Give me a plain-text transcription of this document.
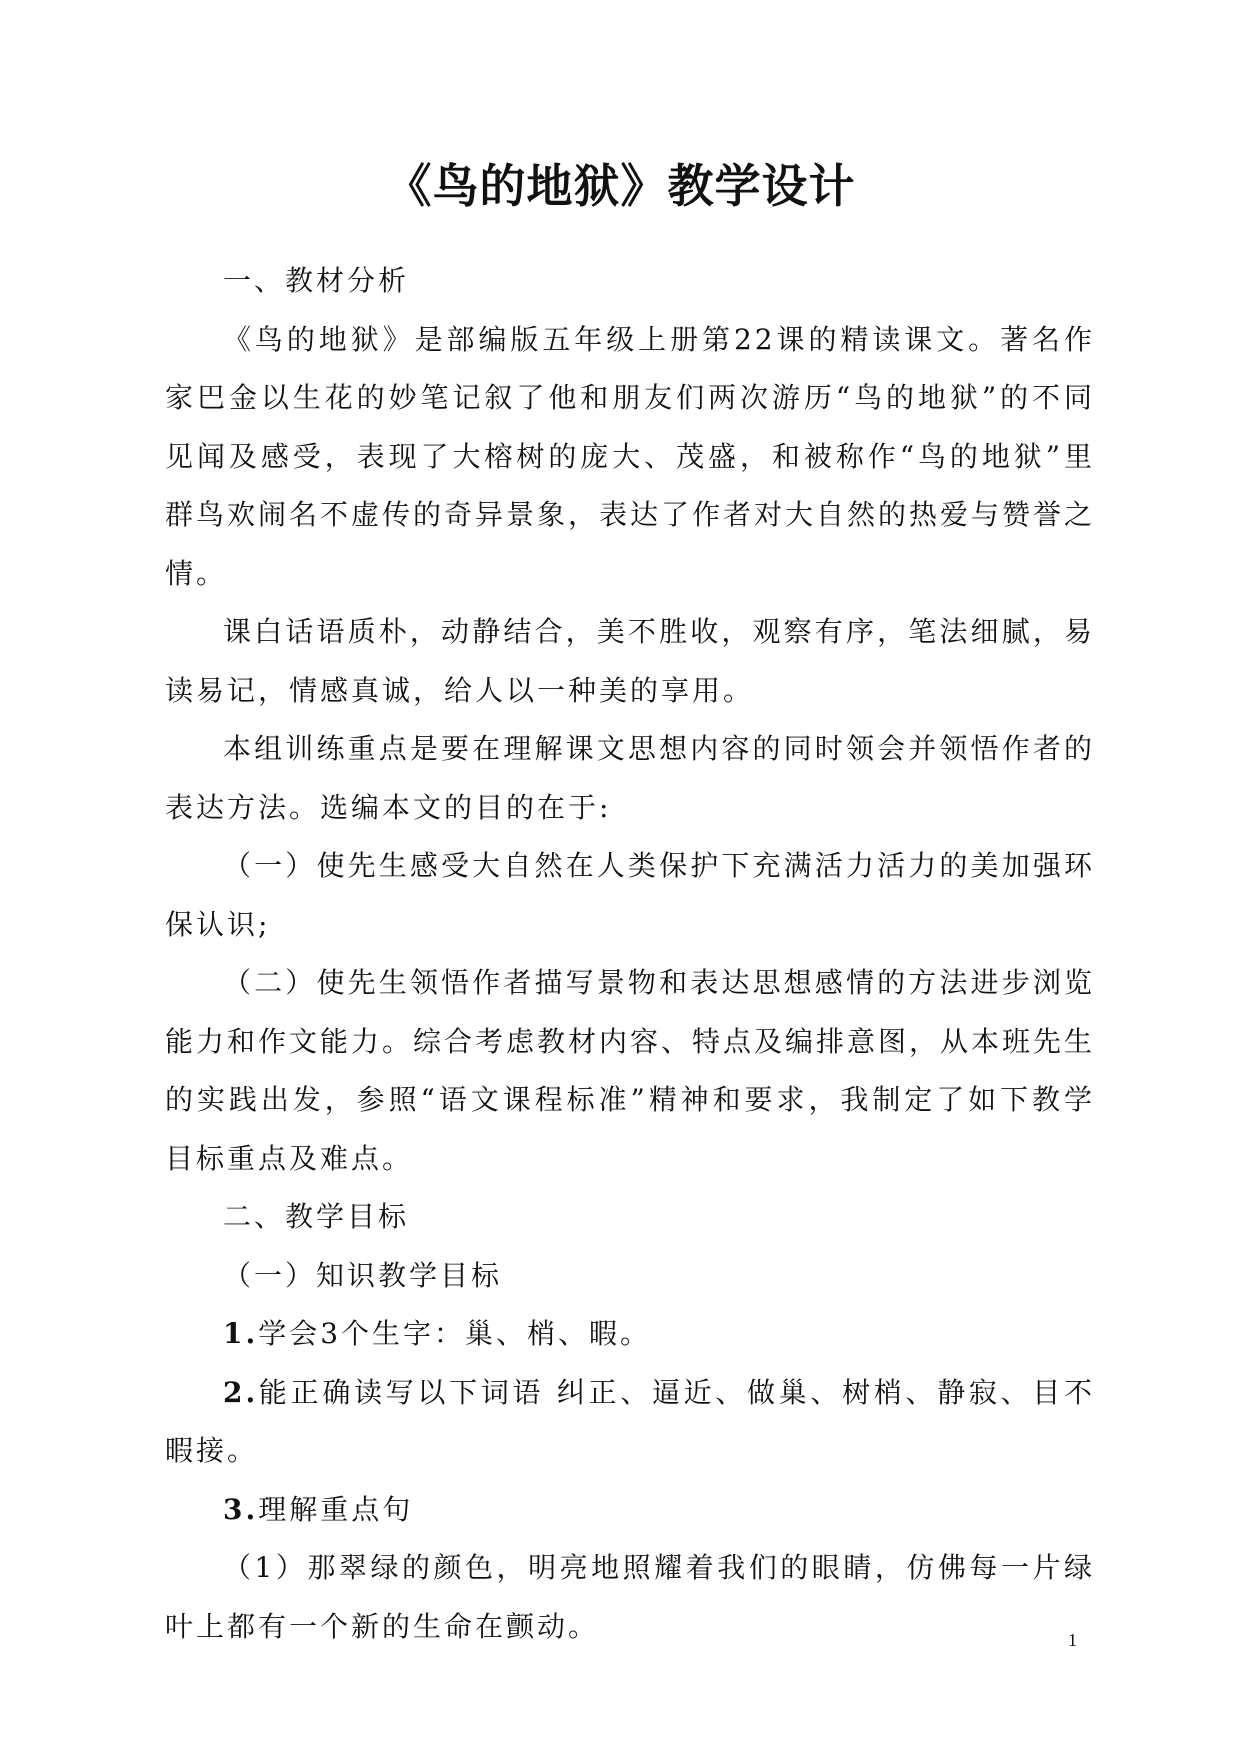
《鸟的地狱》教学设计

一、教材分析

《鸟的地狱》是部编版五年级上册第22课的精读课文。著名作家巴金以生花的妙笔记叙了他和朋友们两次游历“鸟的地狱”的不同见闻及感受，表现了大榕树的庞大、茂盛，和被称作“鸟的地狱”里群鸟欢闹名不虚传的奇异景象，表达了作者对大自然的热爱与赞誉之情。

课白话语质朴，动静结合，美不胜收，观察有序，笔法细腻，易读易记，情感真诚，给人以一种美的享用。

本组训练重点是要在理解课文思想内容的同时领会并领悟作者的表达方法。选编本文的目的在于:

（一）使先生感受大自然在人类保护下充满活力活力的美加强环保认识;

（二）使先生领悟作者描写景物和表达思想感情的方法进步浏览能力和作文能力。综合考虑教材内容、特点及编排意图，从本班先生的实践出发，参照“语文课程标准”精神和要求，我制定了如下教学目标重点及难点。

二、教学目标

（一）知识教学目标

1.学会3个生字：巢、梢、暇。

2.能正确读写以下词语 纠正、逼近、做巢、树梢、静寂、目不暇接。

3.理解重点句

（1）那翠绿的颜色，明亮地照耀着我们的眼睛，仿佛每一片绿叶上都有一个新的生命在颤动。	1
